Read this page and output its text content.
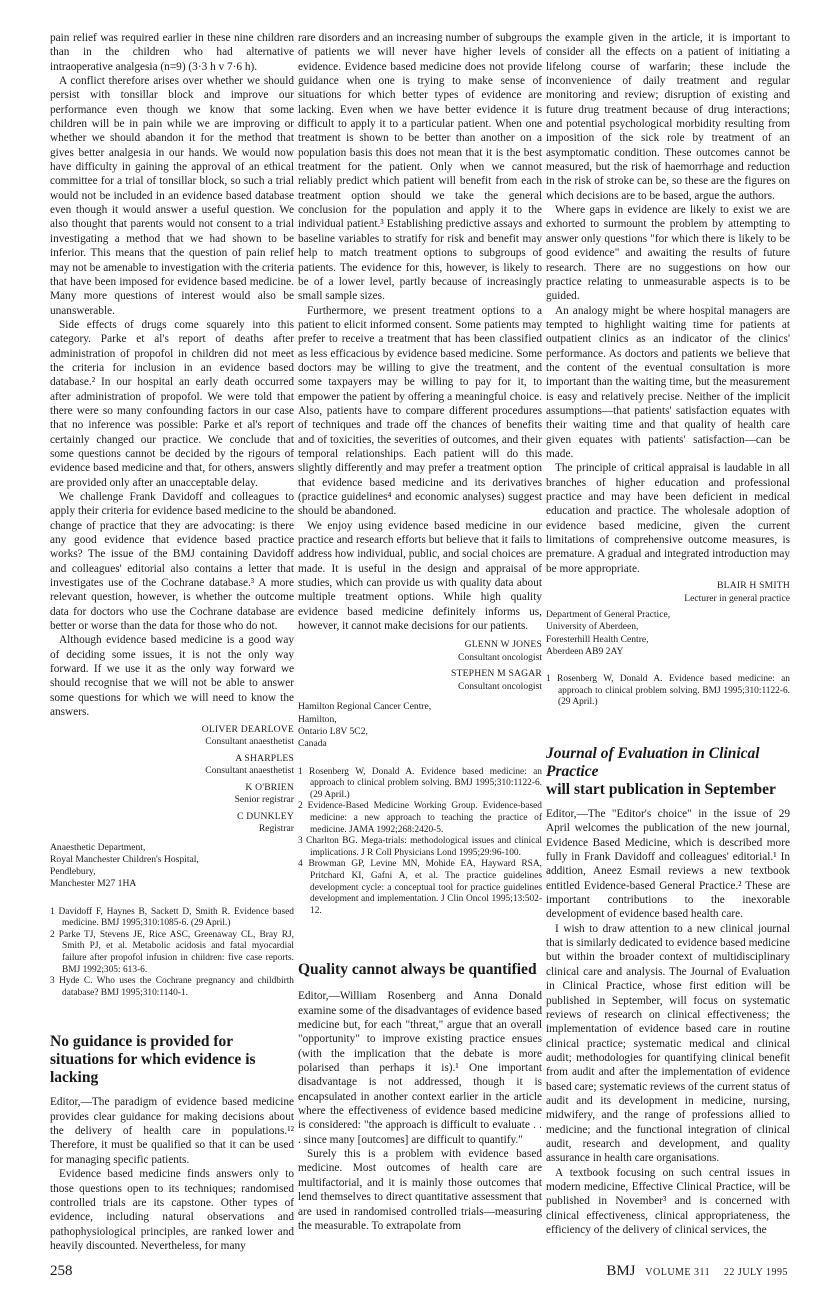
pain relief was required earlier in these nine children than in the children who had alternative intraoperative analgesia (n=9) (3·3 h v 7·6 h).

A conflict therefore arises over whether we should persist with tonsillar block and improve our performance even though we know that some children will be in pain while we are improving or whether we should abandon it for the method that gives better analgesia in our hands. We would now have difficulty in gaining the approval of an ethical committee for a trial of tonsillar block, so such a trial would not be included in an evidence based database even though it would answer a useful question. We also thought that parents would not consent to a trial investigating a method that we had shown to be inferior. This means that the question of pain relief may not be amenable to investigation with the criteria that have been imposed for evidence based medicine. Many more questions of interest would also be unanswerable.

Side effects of drugs come squarely into this category. Parke et al's report of deaths after administration of propofol in children did not meet the criteria for inclusion in an evidence based database.² In our hospital an early death occurred after administration of propofol. We were told that there were so many confounding factors in our case that no inference was possible: Parke et al's report certainly changed our practice. We conclude that some questions cannot be decided by the rigours of evidence based medicine and that, for others, answers are provided only after an unacceptable delay.

We challenge Frank Davidoff and colleagues to apply their criteria for evidence based medicine to the change of practice that they are advocating: is there any good evidence that evidence based practice works? The issue of the BMJ containing Davidoff and colleagues' editorial also contains a letter that investigates use of the Cochrane database.³ A more relevant question, however, is whether the outcome data for doctors who use the Cochrane database are better or worse than the data for those who do not.

Although evidence based medicine is a good way of deciding some issues, it is not the only way forward. If we use it as the only way forward we should recognise that we will not be able to answer some questions for which we will need to know the answers.

OLIVER DEARLOVE
Consultant anaesthetist
A SHARPLES
Consultant anaesthetist
K O'BRIEN
Senior registrar
C DUNKLEY
Registrar
Anaesthetic Department,
Royal Manchester Children's Hospital,
Pendlebury,
Manchester M27 1HA
1 Davidoff F, Haynes B, Sackett D, Smith R. Evidence based medicine. BMJ 1995;310:1085-6. (29 April.)
2 Parke TJ, Stevens JE, Rice ASC, Greenaway CL, Bray RJ, Smith PJ, et al. Metabolic acidosis and fatal myocardial failure after propofol infusion in children: five case reports. BMJ 1992;305: 613-6.
3 Hyde C. Who uses the Cochrane pregnancy and childbirth database? BMJ 1995;310:1140-1.
No guidance is provided for situations for which evidence is lacking

Editor,—The paradigm of evidence based medicine provides clear guidance for making decisions about the delivery of health care in populations.¹² Therefore, it must be qualified so that it can be used for managing specific patients.

Evidence based medicine finds answers only to those questions open to its techniques; randomised controlled trials are its capstone. Other types of evidence, including natural observations and pathophysiological principles, are ranked lower and heavily discounted. Nevertheless, for many

rare disorders and an increasing number of subgroups of patients we will never have higher levels of evidence. Evidence based medicine does not provide guidance when one is trying to make sense of situations for which better types of evidence are lacking. Even when we have better evidence it is difficult to apply it to a particular patient. When one treatment is shown to be better than another on a population basis this does not mean that it is the best treatment for the patient. Only when we cannot reliably predict which patient will benefit from each treatment option should we take the general conclusion for the population and apply it to the individual patient.³ Establishing predictive assays and baseline variables to stratify for risk and benefit may help to match treatment options to subgroups of patients. The evidence for this, however, is likely to be of a lower level, partly because of increasingly small sample sizes.

Furthermore, we present treatment options to a patient to elicit informed consent. Some patients may prefer to receive a treatment that has been classified as less efficacious by evidence based medicine. Some doctors may be willing to give the treatment, and some taxpayers may be willing to pay for it, to empower the patient by offering a meaningful choice. Also, patients have to compare different procedures of techniques and trade off the chances of benefits and of toxicities, the severities of outcomes, and their temporal relationships. Each patient will do this slightly differently and may prefer a treatment option that evidence based medicine and its derivatives (practice guidelines⁴ and economic analyses) suggest should be abandoned.

We enjoy using evidence based medicine in our practice and research efforts but believe that it fails to address how individual, public, and social choices are made. It is useful in the design and appraisal of studies, which can provide us with quality data about multiple treatment options. While high quality evidence based medicine definitely informs us, however, it cannot make decisions for our patients.

GLENN W JONES
Consultant oncologist
STEPHEN M SAGAR
Consultant oncologist
Hamilton Regional Cancer Centre,
Hamilton,
Ontario L8V 5C2,
Canada
1 Rosenberg W, Donald A. Evidence based medicine: an approach to clinical problem solving. BMJ 1995;310:1122-6. (29 April.)
2 Evidence-Based Medicine Working Group. Evidence-based medicine: a new approach to teaching the practice of medicine. JAMA 1992;268:2420-5.
3 Charlton BG. Mega-trials: methodological issues and clinical implications. J R Coll Physicians Lond 1995;29:96-100.
4 Browman GP, Levine MN, Mohide EA, Hayward RSA, Pritchard KI, Gafni A, et al. The practice guidelines development cycle: a conceptual tool for practice guidelines development and implementation. J Clin Oncol 1995;13:502-12.
Quality cannot always be quantified

Editor,—William Rosenberg and Anna Donald examine some of the disadvantages of evidence based medicine but, for each "threat," argue that an overall "opportunity" to improve existing practice ensues (with the implication that the debate is more polarised than perhaps it is).¹ One important disadvantage is not addressed, though it is encapsulated in another context earlier in the article where the effectiveness of evidence based medicine is considered: "the approach is difficult to evaluate . . . since many [outcomes] are difficult to quantify."

Surely this is a problem with evidence based medicine. Most outcomes of health care are multifactorial, and it is mainly those outcomes that lend themselves to direct quantitative assessment that are used in randomised controlled trials—measuring the measurable. To extrapolate from

the example given in the article, it is important to consider all the effects on a patient of initiating a lifelong course of warfarin; these include the inconvenience of daily treatment and regular monitoring and review; disruption of existing and future drug treatment because of drug interactions; and potential psychological morbidity resulting from imposition of the sick role by treatment of an asymptomatic condition. These outcomes cannot be measured, but the risk of haemorrhage and reduction in the risk of stroke can be, so these are the figures on which decisions are to be based, argue the authors.

Where gaps in evidence are likely to exist we are exhorted to surmount the problem by attempting to answer only questions "for which there is likely to be good evidence" and awaiting the results of future research. There are no suggestions on how our practice relating to unmeasurable aspects is to be guided.

An analogy might be where hospital managers are tempted to highlight waiting time for patients at outpatient clinics as an indicator of the clinics' performance. As doctors and patients we believe that the content of the eventual consultation is more important than the waiting time, but the measurement is easy and relatively precise. Neither of the implicit assumptions—that patients' satisfaction equates with their waiting time and that quality of health care given equates with patients' satisfaction—can be made.

The principle of critical appraisal is laudable in all branches of higher education and professional practice and may have been deficient in medical education and practice. The wholesale adoption of evidence based medicine, given the current limitations of comprehensive outcome measures, is premature. A gradual and integrated introduction may be more appropriate.

BLAIR H SMITH
Lecturer in general practice
Department of General Practice,
University of Aberdeen,
Foresterhill Health Centre,
Aberdeen AB9 2AY
1 Rosenberg W, Donald A. Evidence based medicine: an approach to clinical problem solving. BMJ 1995;310:1122-6. (29 April.)
Journal of Evaluation in Clinical Practice
will start publication in September

Editor,—The "Editor's choice" in the issue of 29 April welcomes the publication of the new journal, Evidence Based Medicine, which is described more fully in Frank Davidoff and colleagues' editorial.¹ In addition, Aneez Esmail reviews a new textbook entitled Evidence-based General Practice.² These are important contributions to the inexorable development of evidence based health care.

I wish to draw attention to a new clinical journal that is similarly dedicated to evidence based medicine but within the broader context of multidisciplinary clinical care and analysis. The Journal of Evaluation in Clinical Practice, whose first edition will be published in September, will focus on systematic reviews of research on clinical effectiveness; the implementation of evidence based care in routine clinical practice; systematic medical and clinical audit; methodologies for quantifying clinical benefit from audit and after the implementation of evidence based care; systematic reviews of the current status of audit and its development in medicine, nursing, midwifery, and the range of professions allied to medicine; and the functional integration of clinical audit, research and development, and quality assurance in health care organisations.

A textbook focusing on such central issues in modern medicine, Effective Clinical Practice, will be published in November³ and is concerned with clinical effectiveness, clinical appropriateness, the efficiency of the delivery of clinical services, the

258	BMJ VOLUME 311 22 JULY 1995
